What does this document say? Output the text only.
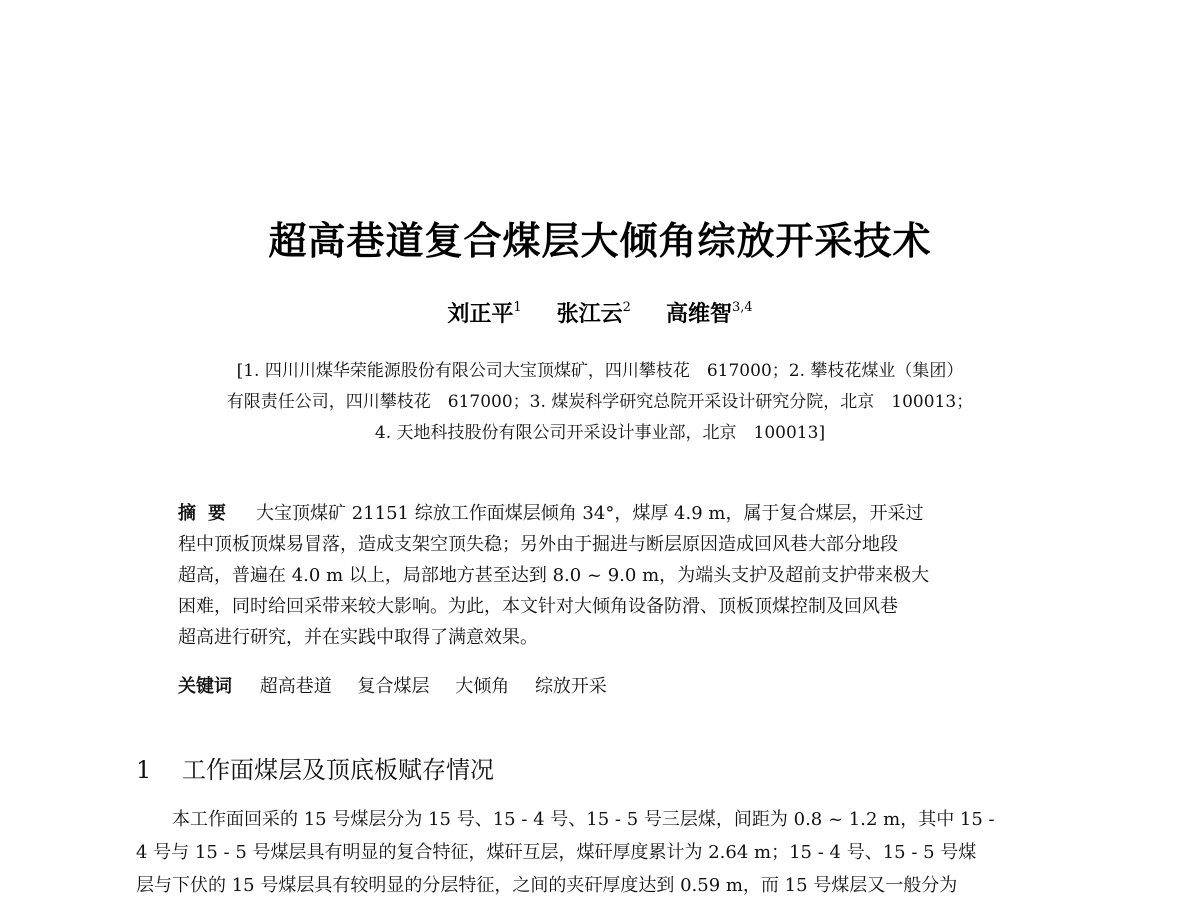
超高巷道复合煤层大倾角综放开采技术
刘正平$^1$ 张江云$^2$ 高维智$^{3,4}$
[1. 四川川煤华荣能源股份有限公司大宝顶煤矿，四川攀枝花　617000；2. 攀枝花煤业（集团）
有限责任公司，四川攀枝花　617000；3. 煤炭科学研究总院开采设计研究分院，北京　100013；
4. 天地科技股份有限公司开采设计事业部，北京　100013]
摘要 大宝顶煤矿 21151 综放工作面煤层倾角 34°，煤厚 4.9 m，属于复合煤层，开采过
程中顶板顶煤易冒落，造成支架空顶失稳；另外由于掘进与断层原因造成回风巷大部分地段
超高，普遍在 4.0 m 以上，局部地方甚至达到 8.0 ~ 9.0 m，为端头支护及超前支护带来极大
困难，同时给回采带来较大影响。为此，本文针对大倾角设备防滑、顶板顶煤控制及回风巷
超高进行研究，并在实践中取得了满意效果。
关键词 超高巷道 复合煤层 大倾角 综放开采
1 工作面煤层及顶底板赋存情况
本工作面回采的 15 号煤层分为 15 号、15 - 4 号、15 - 5 号三层煤，间距为 0.8 ~ 1.2 m，其中 15 -
4 号与 15 - 5 号煤层具有明显的复合特征，煤矸互层，煤矸厚度累计为 2.64 m；15 - 4 号、15 - 5 号煤
层与下伏的 15 号煤层具有较明显的分层特征，之间的夹矸厚度达到 0.59 m，而 15 号煤层又一般分为
